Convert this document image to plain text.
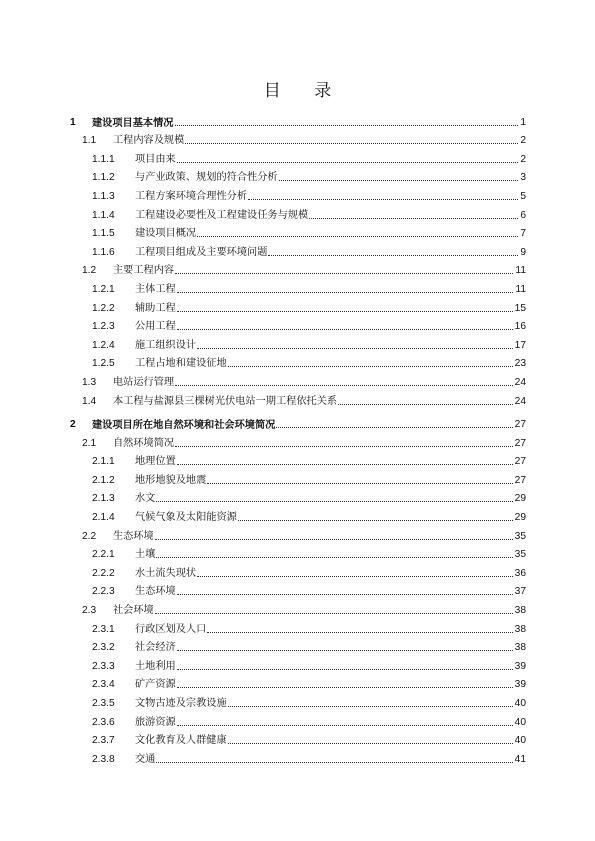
目 录
1	建设项目基本情况	1
1.1	工程内容及规模	2
1.1.1	项目由来	2
1.1.2	与产业政策、规划的符合性分析	3
1.1.3	工程方案环境合理性分析	5
1.1.4	工程建设必要性及工程建设任务与规模	6
1.1.5	建设项目概况	7
1.1.6	工程项目组成及主要环境问题	9
1.2	主要工程内容	11
1.2.1	主体工程	11
1.2.2	辅助工程	15
1.2.3	公用工程	16
1.2.4	施工组织设计	17
1.2.5	工程占地和建设征地	23
1.3	电站运行管理	24
1.4	本工程与盐源县三棵树光伏电站一期工程依托关系	24
2	建设项目所在地自然环境和社会环境简况	27
2.1	自然环境简况	27
2.1.1	地理位置	27
2.1.2	地形地貌及地震	27
2.1.3	水文	29
2.1.4	气候气象及太阳能资源	29
2.2	生态环境	35
2.2.1	土壤	35
2.2.2	水土流失现状	36
2.2.3	生态环境	37
2.3	社会环境	38
2.3.1	行政区划及人口	38
2.3.2	社会经济	38
2.3.3	土地利用	39
2.3.4	矿产资源	39
2.3.5	文物古迹及宗教设施	40
2.3.6	旅游资源	40
2.3.7	文化教育及人群健康	40
2.3.8	交通	41
